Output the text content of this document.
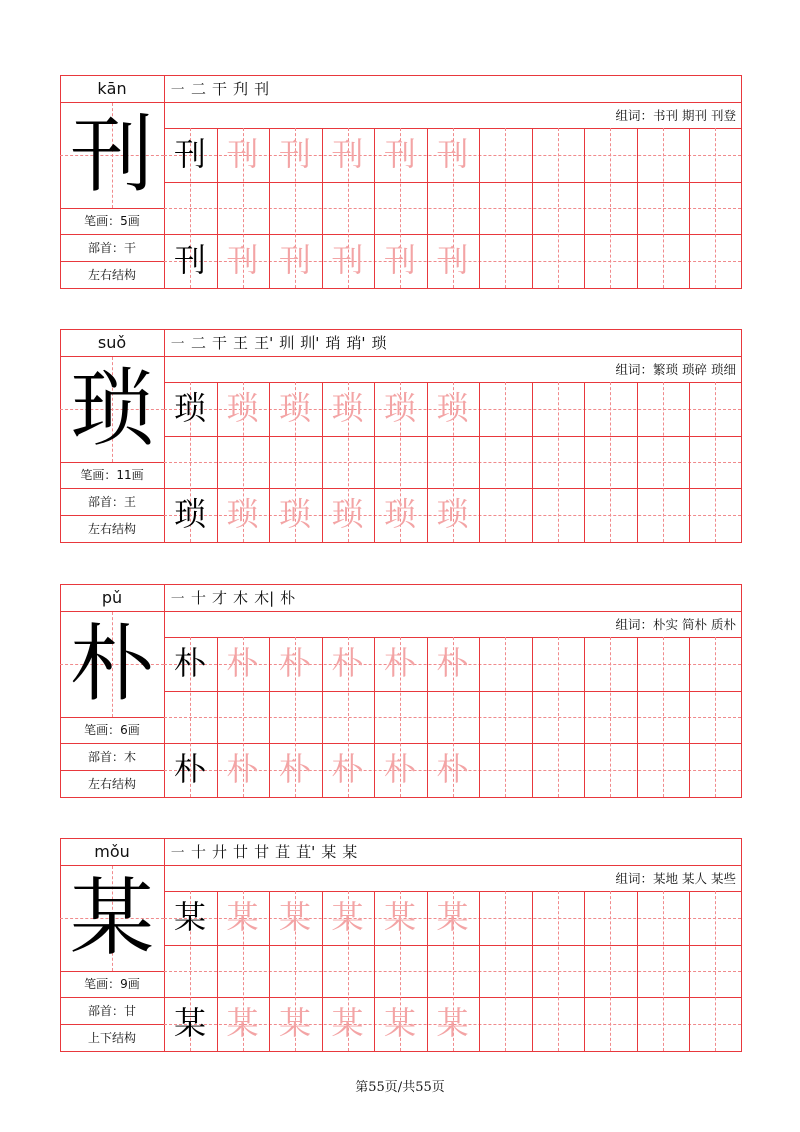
kān
刊
笔画：5画
部首：干
左右结构
组词：书刊 期刊 刊登
㇐ 二 干 刋 刊
刊 刊 刊 刊 刊 刊
刊 刊 刊 刊 刊 刊
suǒ
琐
笔画：11画
部首：王
左右结构
组词：繁琐 琐碎 琐细
㇐ 二 干 王 王' 玔 玔' 琑 琑' 琐
琐 琐 琐 琐 琐 琐
琐 琐 琐 琐 琐 琐
pǔ
朴
笔画：6画
部首：木
左右结构
组词：朴实 简朴 质朴
㇐ 十 才 木 木| 朴
朴 朴 朴 朴 朴 朴
朴 朴 朴 朴 朴 朴
mǒu
某
笔画：9画
部首：甘
上下结构
组词：某地 某人 某些
㇐ 十 廾 廿 甘 苴 苴' 某 某
某 某 某 某 某 某
某 某 某 某 某 某
第55页/共55页
